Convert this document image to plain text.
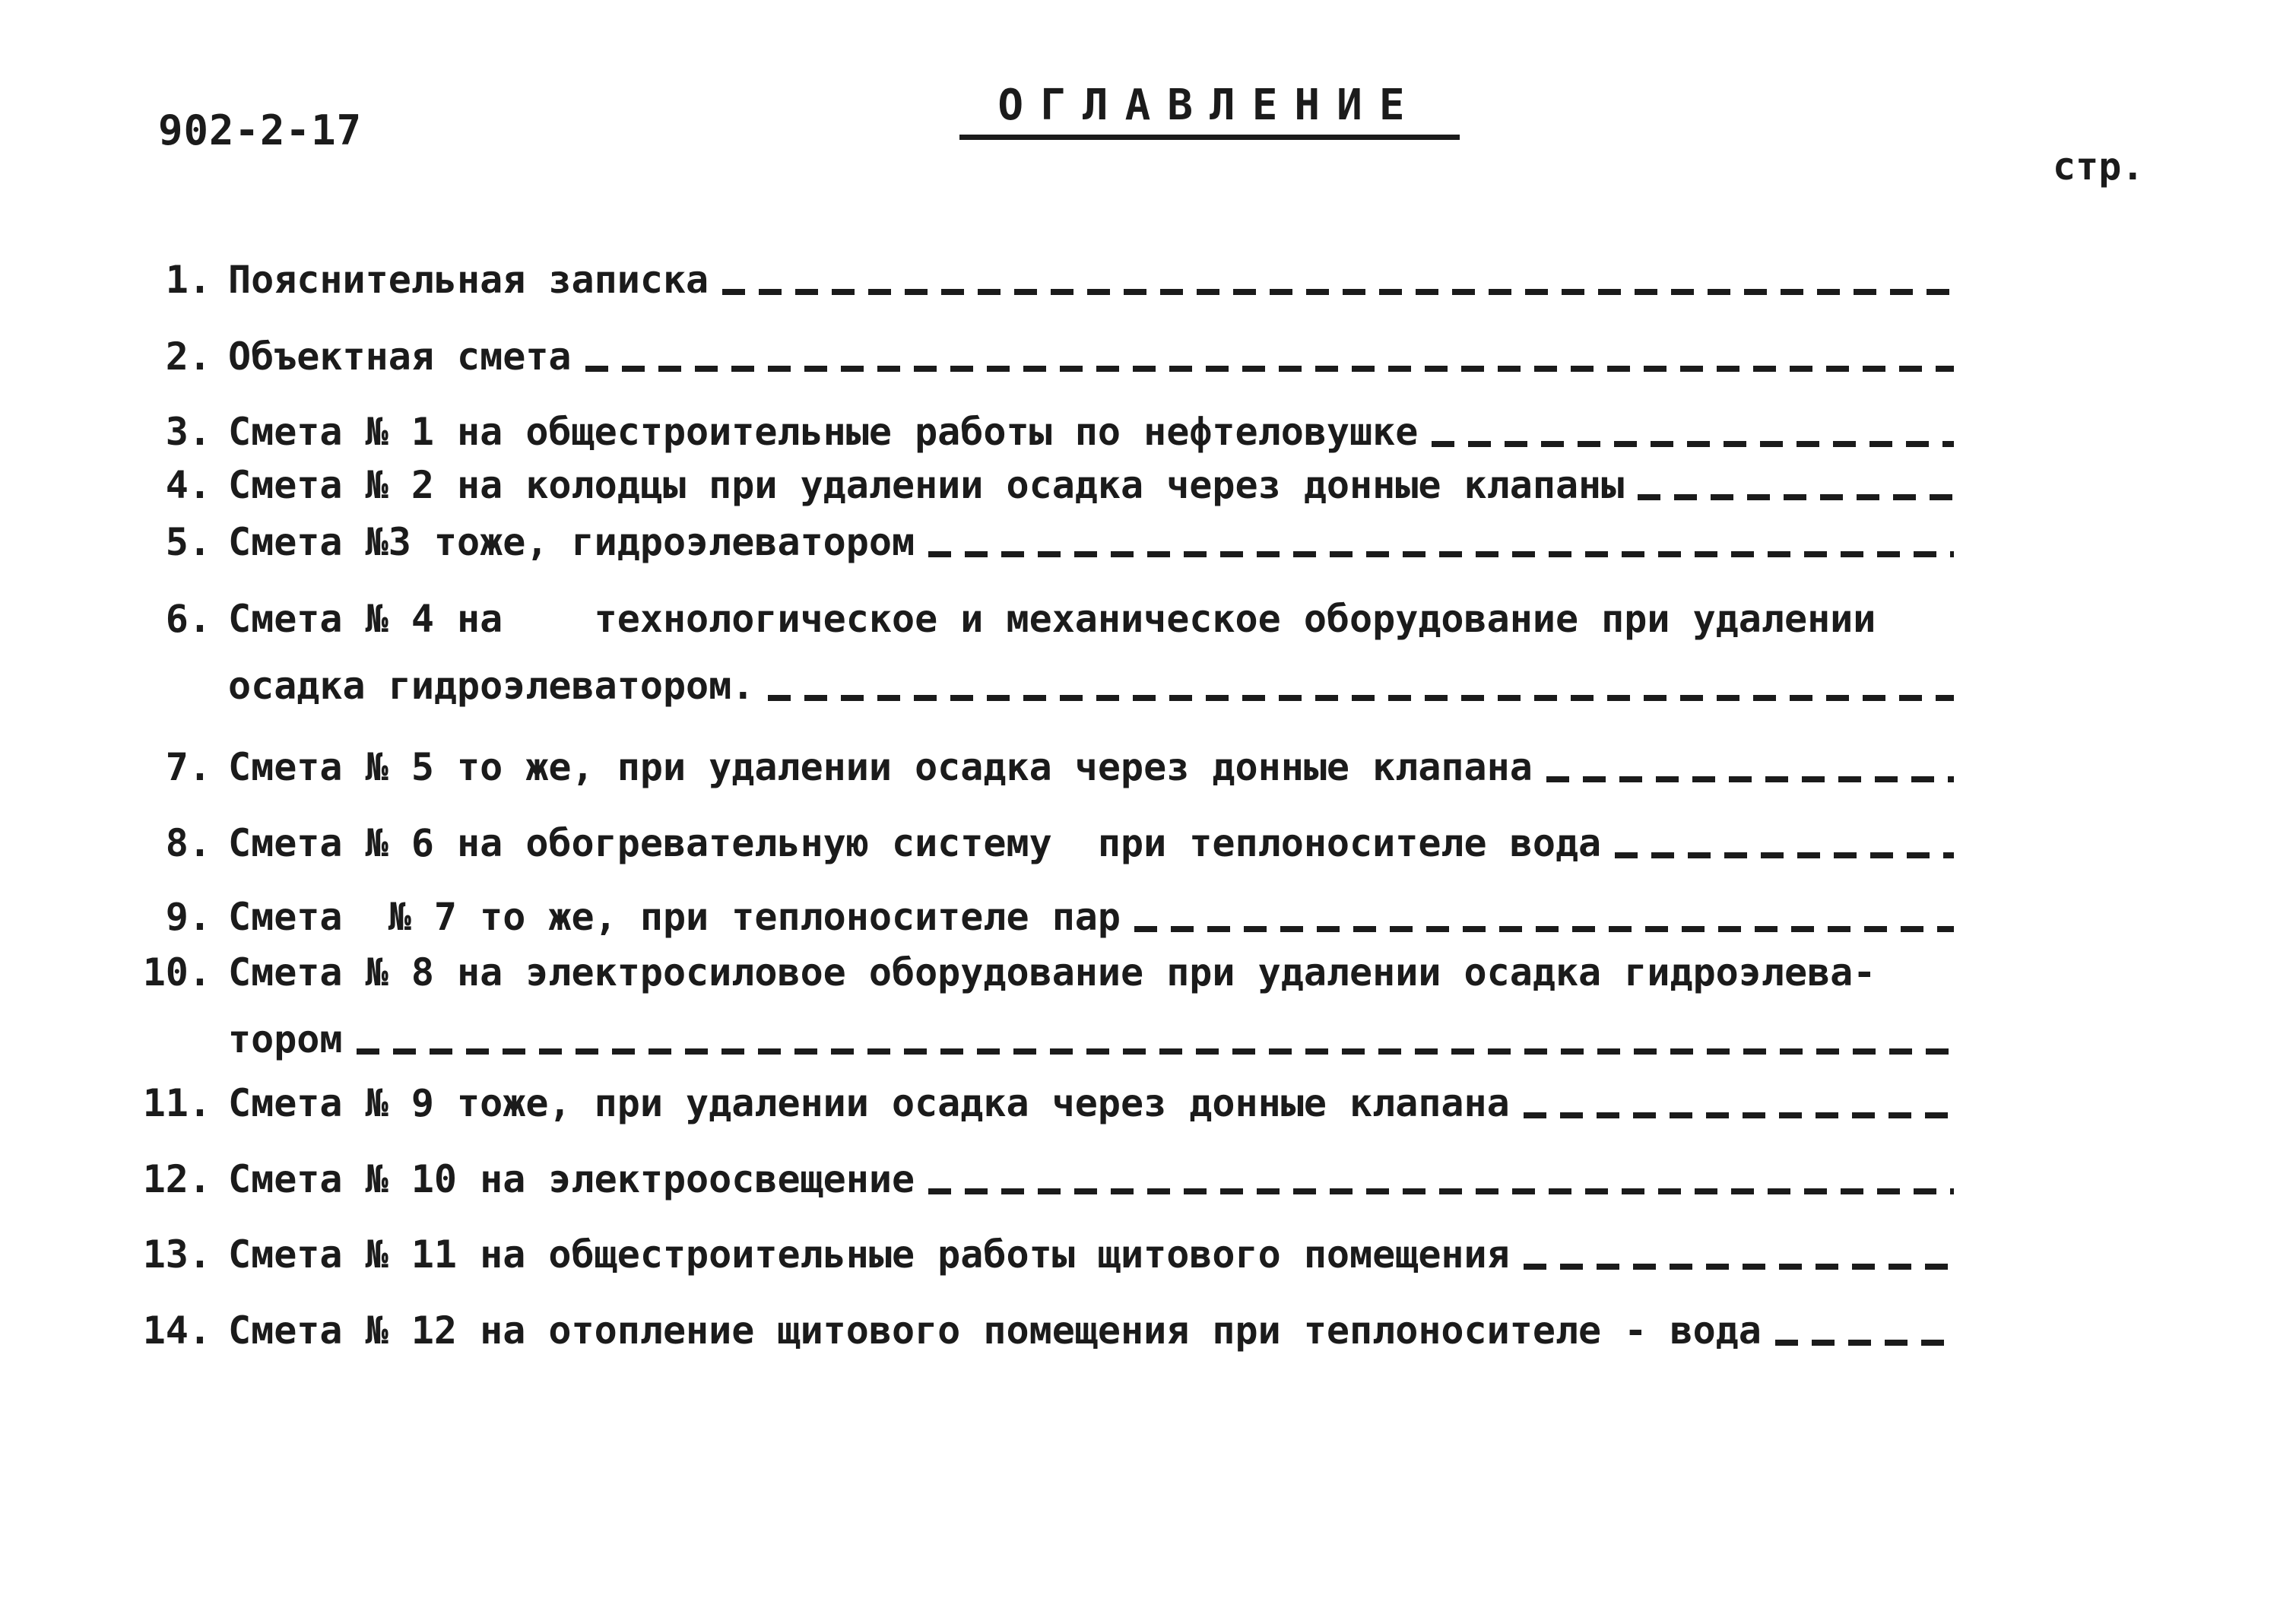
902-2-17
ОГЛАВЛЕНИЕ
стр.
1. Пояснительная записка
2. Объектная смета
3. Смета № 1 на общестроительные работы по нефтеловушке
4. Смета № 2 на колодцы при удалении осадка через донные клапаны
5. Смета №3 тоже, гидроэлеватором
6. Смета № 4 на    технологическое и механическое оборудование при удалении
осадка гидроэлеватором.
7. Смета № 5 то же, при удалении осадка через донные клапана
8. Смета № 6 на обогревательную систему  при теплоносителе вода
9. Смета  № 7 то же, при теплоносителе пар
10. Смета № 8 на электросиловое оборудование при удалении осадка гидроэлева-
тором
11. Смета № 9 тоже, при удалении осадка через донные клапана
12. Смета № 10 на электроосвещение
13. Смета № 11 на общестроительные работы щитового помещения
14. Смета № 12 на отопление щитового помещения при теплоносителе - вода
